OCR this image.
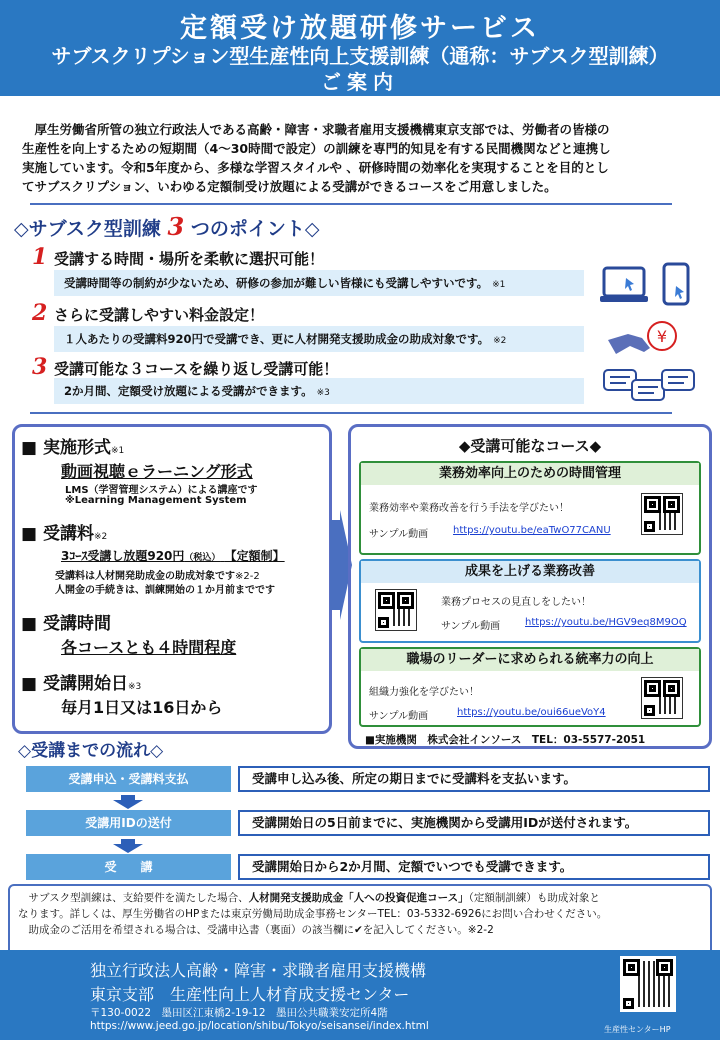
定額受け放題研修サービス
サブスクリプション型生産性向上支援訓練（通称：サブスク型訓練）
ご案内
　厚生労働省所管の独立行政法人である高齢・障害・求職者雇用支援機構東京支部では、労働者の皆様の
生産性を向上するための短期間（4～30時間で設定）の訓練を専門的知見を有する民間機関などと連携し
実施しています。令和5年度から、多様な学習スタイルや 、研修時間の効率化を実現することを目的とし
てサブスクリプション、いわゆる定額制受け放題による受講ができるコースをご用意しました。
◇サブスク型訓練 3 つのポイント◇
1 受講する時間・場所を柔軟に選択可能！
受講時間等の制約が少ないため、研修の参加が難しい皆様にも受講しやすいです。 ※1
2 さらに受講しやすい料金設定！
１人あたりの受講料920円で受講でき、更に人材開発支援助成金の助成対象です。 ※2
3 受講可能な３コースを繰り返し受講可能！
2か月間、定額受け放題による受講ができます。 ※3
¥
■ 実施形式※1
動画視聴ｅラーニング形式
LMS（学習管理システム）による講座です
※Learning Management System
■ 受講料※2
3ｺｰｽ受講し放題920円（税込） 【定額制】
受講料は人材開発助成金の助成対象です※2-2
人開金の手続きは、訓練開始の１か月前までです
■ 受講時間
各コースとも４時間程度
■ 受講開始日※3
毎月1日又は16日から
◆受講可能なコース◆
業務効率向上のための時間管理
業務効率や業務改善を行う手法を学びたい！
サンプル動画 https://youtu.be/eaTwO77CANU
成果を上げる業務改善
業務プロセスの見直しをしたい！
サンプル動画 https://youtu.be/HGV9eq8M9OQ
職場のリーダーに求められる統率力の向上
組織力強化を学びたい！
サンプル動画	https://youtu.be/oui66ueVoY4
■実施機関　株式会社インソース　TEL：03-5577-2051
◇受講までの流れ◇
受講申込・受講料支払	受講申し込み後、所定の期日までに受講料を支払います。
受講用IDの送付	受講開始日の5日前までに、実施機関から受講用IDが送付されます。
受　　講	受講開始日から2か月間、定額でいつでも受講できます。
　サブスク型訓練は、支給要件を満たした場合、人材開発支援助成金「人への投資促進コース」（定額制訓練）も助成対象と
なります。詳しくは、厚生労働省のHPまたは東京労働局助成金事務センターTEL：03-5332-6926にお問い合わせください。
　助成金のご活用を希望される場合は、受講申込書（裏面）の該当欄に✔を記入してください。※2-2
独立行政法人高齢・障害・求職者雇用支援機構
東京支部　生産性向上人材育成支援センター
〒130-0022　墨田区江東橋2-19-12　墨田公共職業安定所4階
https://www.jeed.go.jp/location/shibu/Tokyo/seisansei/index.html	生産性センターHP
